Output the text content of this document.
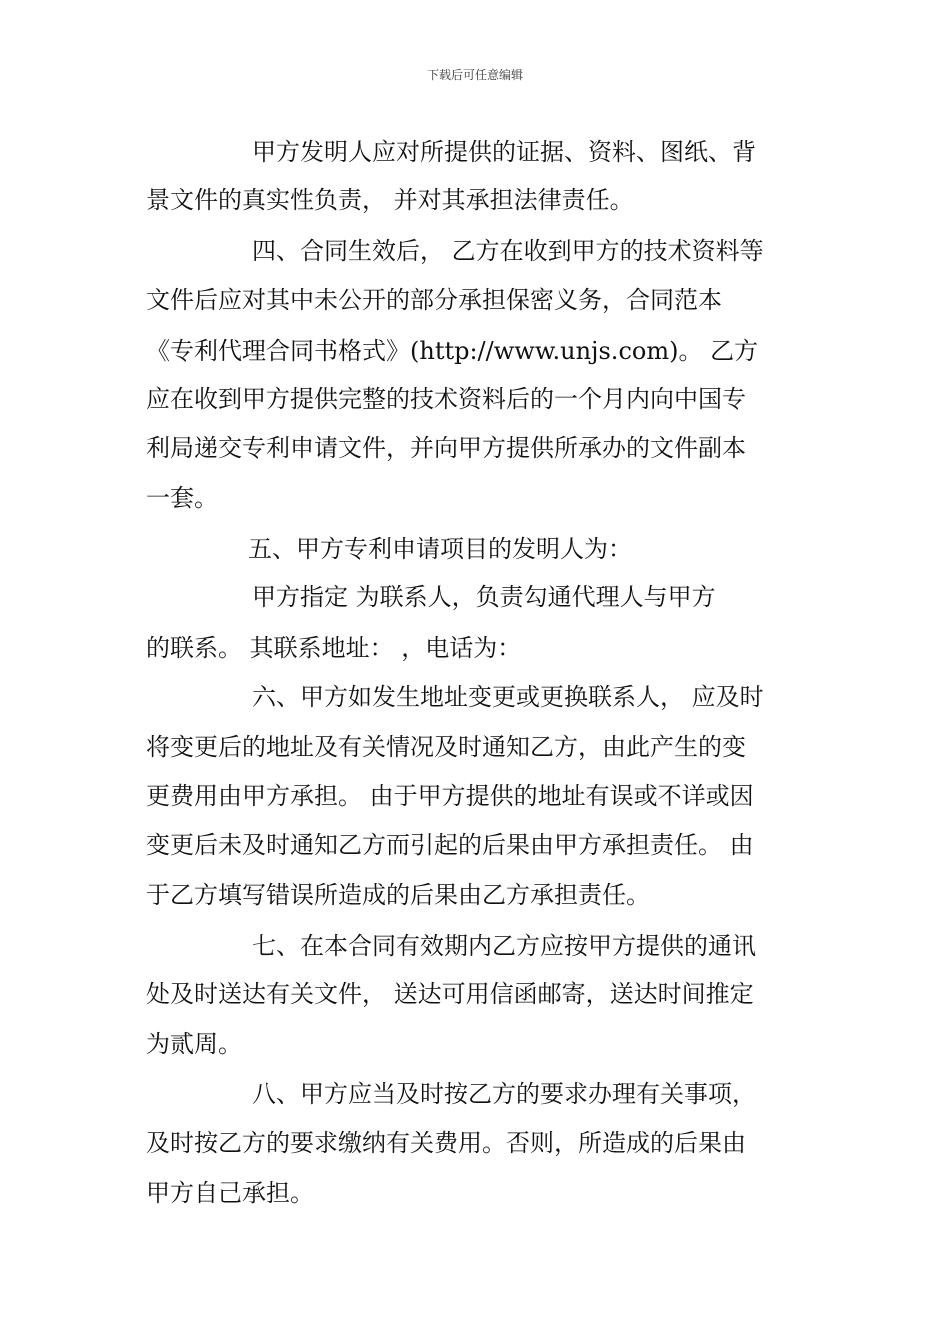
下载后可任意编辑
甲方发明人应对所提供的证据、资料、图纸、背
景文件的真实性负责， 并对其承担法律责任。
四、合同生效后， 乙方在收到甲方的技术资料等
文件后应对其中未公开的部分承担保密义务，合同范本
《专利代理合同书格式》(http://www.unjs.com)。 乙方
应在收到甲方提供完整的技术资料后的一个月内向中国专
利局递交专利申请文件，并向甲方提供所承办的文件副本
一套。
五、甲方专利申请项目的发明人为：
甲方指定 为联系人，负责勾通代理人与甲方
的联系。 其联系地址： ，电话为：
六、甲方如发生地址变更或更换联系人， 应及时
将变更后的地址及有关情况及时通知乙方，由此产生的变
更费用由甲方承担。 由于甲方提供的地址有误或不详或因
变更后未及时通知乙方而引起的后果由甲方承担责任。 由
于乙方填写错误所造成的后果由乙方承担责任。
七、在本合同有效期内乙方应按甲方提供的通讯
处及时送达有关文件， 送达可用信函邮寄，送达时间推定
为贰周。
八、甲方应当及时按乙方的要求办理有关事项，
及时按乙方的要求缴纳有关费用。否则，所造成的后果由
甲方自己承担。
